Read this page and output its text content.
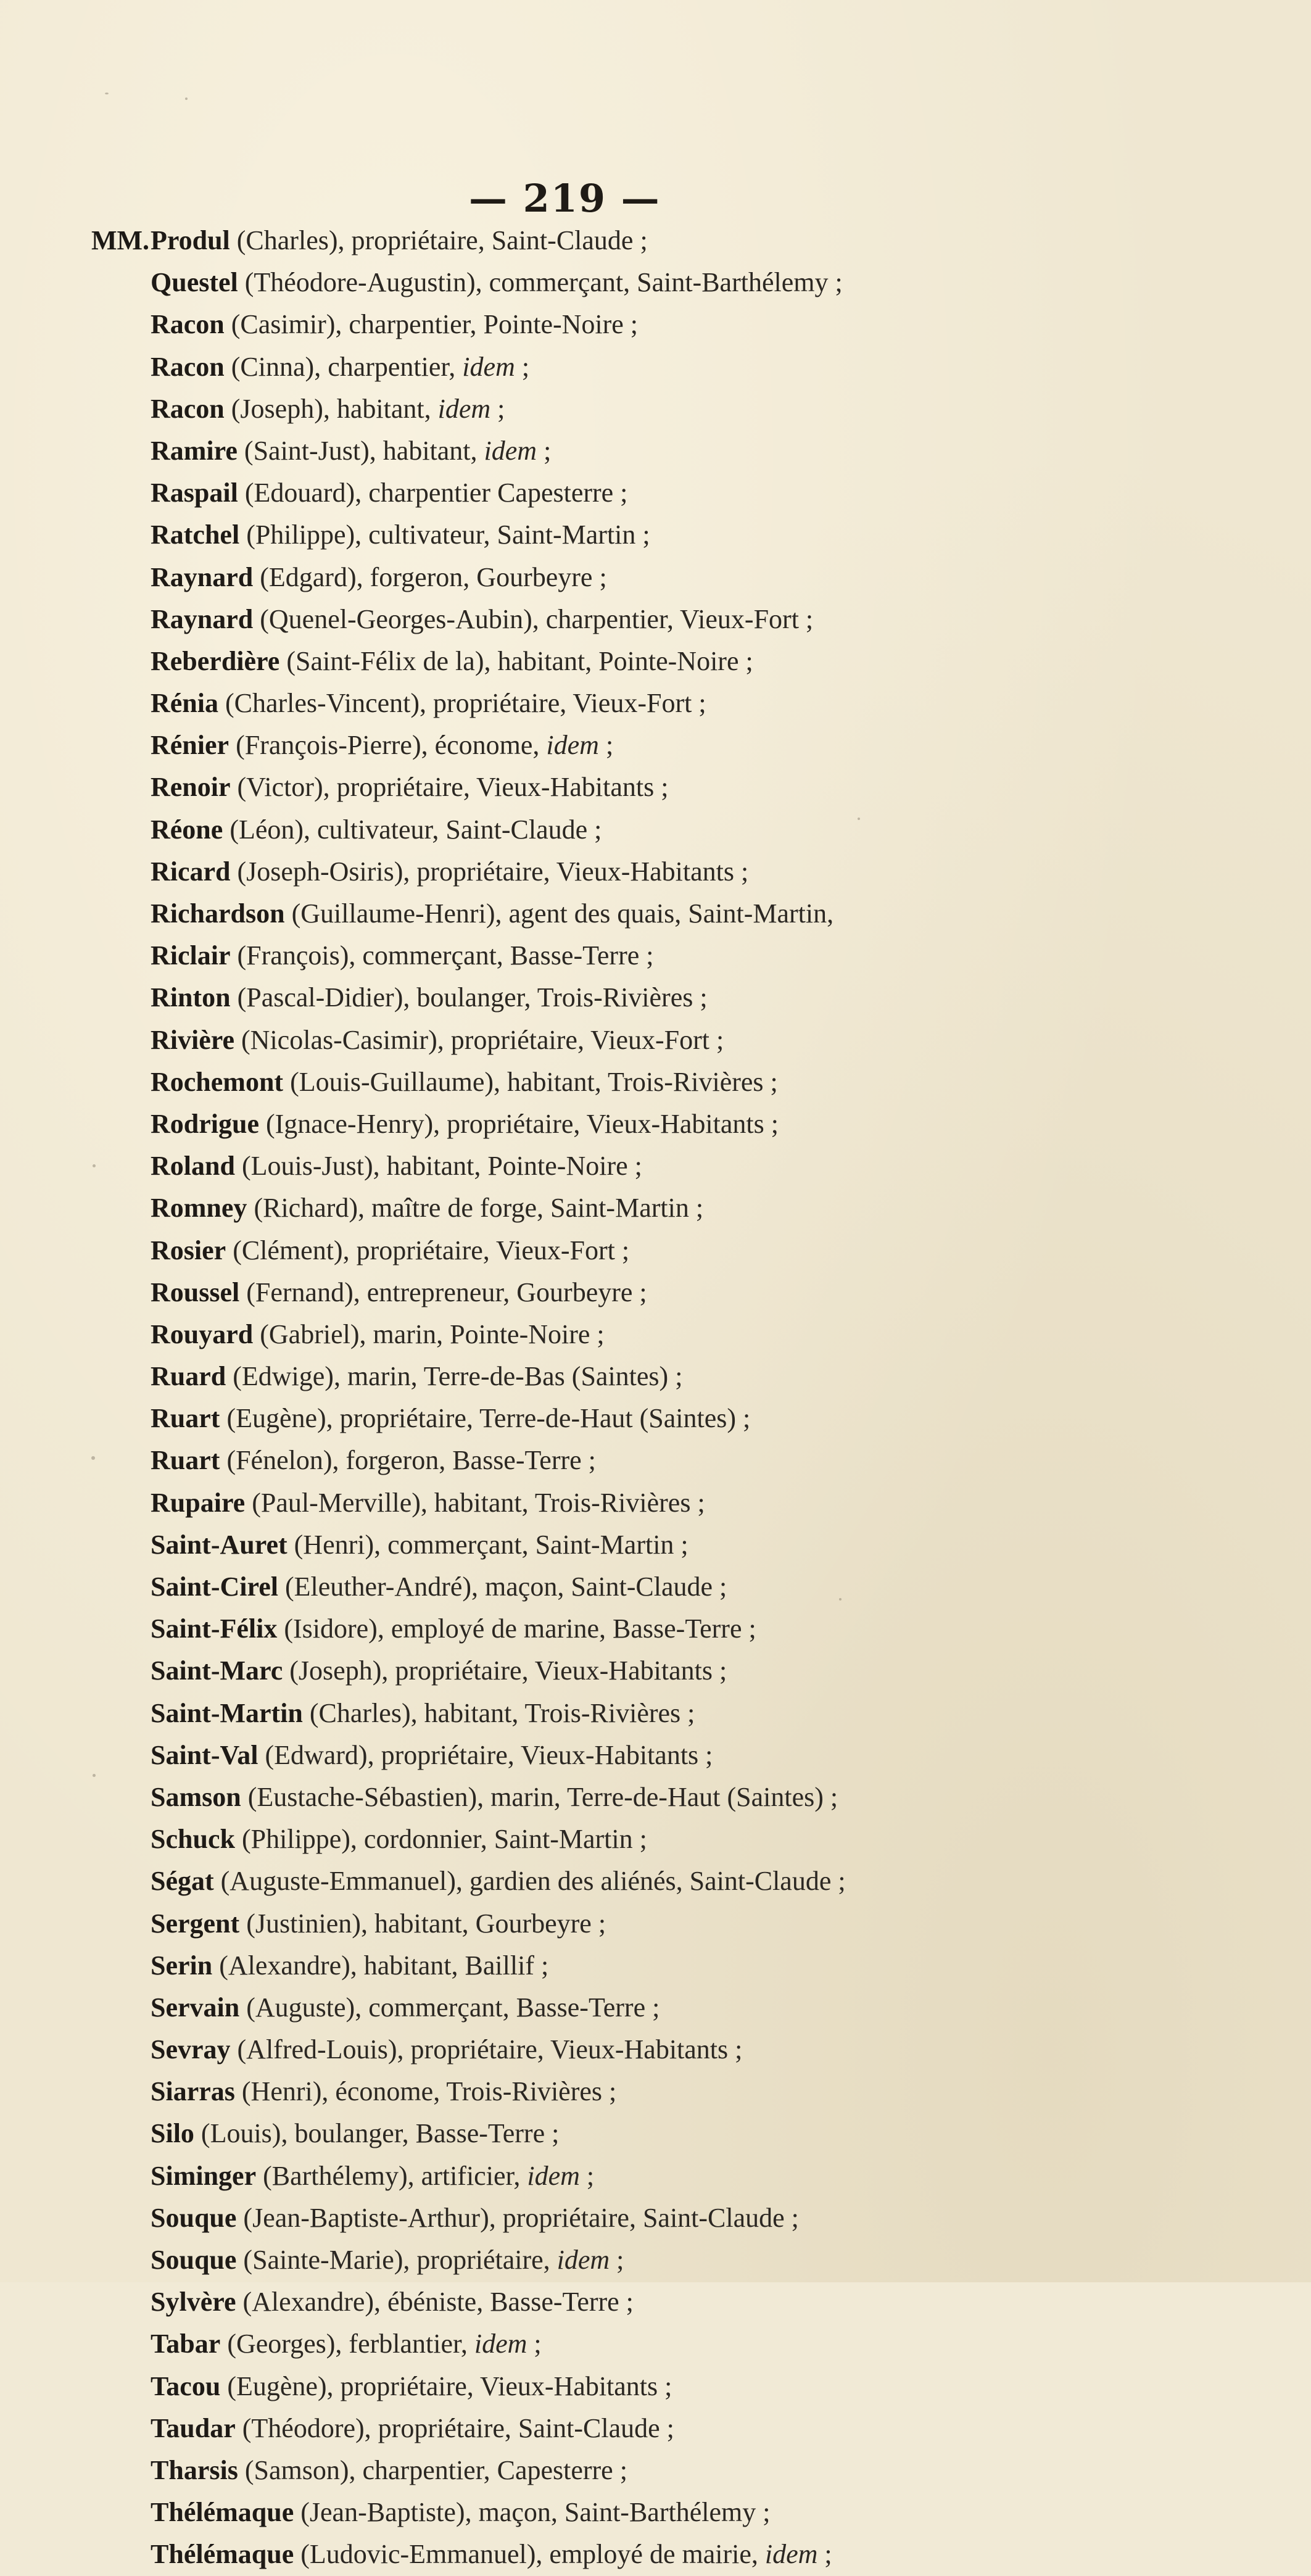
— 219 —
MM.Produl (Charles), propriétaire, Saint-Claude ;
Questel (Théodore-Augustin), commerçant, Saint-Barthélemy ;
Racon (Casimir), charpentier, Pointe-Noire ;
Racon (Cinna), charpentier, idem ;
Racon (Joseph), habitant, idem ;
Ramire (Saint-Just), habitant, idem ;
Raspail (Edouard), charpentier Capesterre ;
Ratchel (Philippe), cultivateur, Saint-Martin ;
Raynard (Edgard), forgeron, Gourbeyre ;
Raynard (Quenel-Georges-Aubin), charpentier, Vieux-Fort ;
Reberdière (Saint-Félix de la), habitant, Pointe-Noire ;
Rénia (Charles-Vincent), propriétaire, Vieux-Fort ;
Rénier (François-Pierre), économe, idem ;
Renoir (Victor), propriétaire, Vieux-Habitants ;
Réone (Léon), cultivateur, Saint-Claude ;
Ricard (Joseph-Osiris), propriétaire, Vieux-Habitants ;
Richardson (Guillaume-Henri), agent des quais, Saint-Martin,
Riclair (François), commerçant, Basse-Terre ;
Rinton (Pascal-Didier), boulanger, Trois-Rivières ;
Rivière (Nicolas-Casimir), propriétaire, Vieux-Fort ;
Rochemont (Louis-Guillaume), habitant, Trois-Rivières ;
Rodrigue (Ignace-Henry), propriétaire, Vieux-Habitants ;
Roland (Louis-Just), habitant, Pointe-Noire ;
Romney (Richard), maître de forge, Saint-Martin ;
Rosier (Clément), propriétaire, Vieux-Fort ;
Roussel (Fernand), entrepreneur, Gourbeyre ;
Rouyard (Gabriel), marin, Pointe-Noire ;
Ruard (Edwige), marin, Terre-de-Bas (Saintes) ;
Ruart (Eugène), propriétaire, Terre-de-Haut (Saintes) ;
Ruart (Fénelon), forgeron, Basse-Terre ;
Rupaire (Paul-Merville), habitant, Trois-Rivières ;
Saint-Auret (Henri), commerçant, Saint-Martin ;
Saint-Cirel (Eleuther-André), maçon, Saint-Claude ;
Saint-Félix (Isidore), employé de marine, Basse-Terre ;
Saint-Marc (Joseph), propriétaire, Vieux-Habitants ;
Saint-Martin (Charles), habitant, Trois-Rivières ;
Saint-Val (Edward), propriétaire, Vieux-Habitants ;
Samson (Eustache-Sébastien), marin, Terre-de-Haut (Saintes) ;
Schuck (Philippe), cordonnier, Saint-Martin ;
Ségat (Auguste-Emmanuel), gardien des aliénés, Saint-Claude ;
Sergent (Justinien), habitant, Gourbeyre ;
Serin (Alexandre), habitant, Baillif ;
Servain (Auguste), commerçant, Basse-Terre ;
Sevray (Alfred-Louis), propriétaire, Vieux-Habitants ;
Siarras (Henri), économe, Trois-Rivières ;
Silo (Louis), boulanger, Basse-Terre ;
Siminger (Barthélemy), artificier, idem ;
Souque (Jean-Baptiste-Arthur), propriétaire, Saint-Claude ;
Souque (Sainte-Marie), propriétaire, idem ;
Sylvère (Alexandre), ébéniste, Basse-Terre ;
Tabar (Georges), ferblantier, idem ;
Tacou (Eugène), propriétaire, Vieux-Habitants ;
Taudar (Théodore), propriétaire, Saint-Claude ;
Tharsis (Samson), charpentier, Capesterre ;
Thélémaque (Jean-Baptiste), maçon, Saint-Barthélemy ;
Thélémaque (Ludovic-Emmanuel), employé de mairie, idem ;
